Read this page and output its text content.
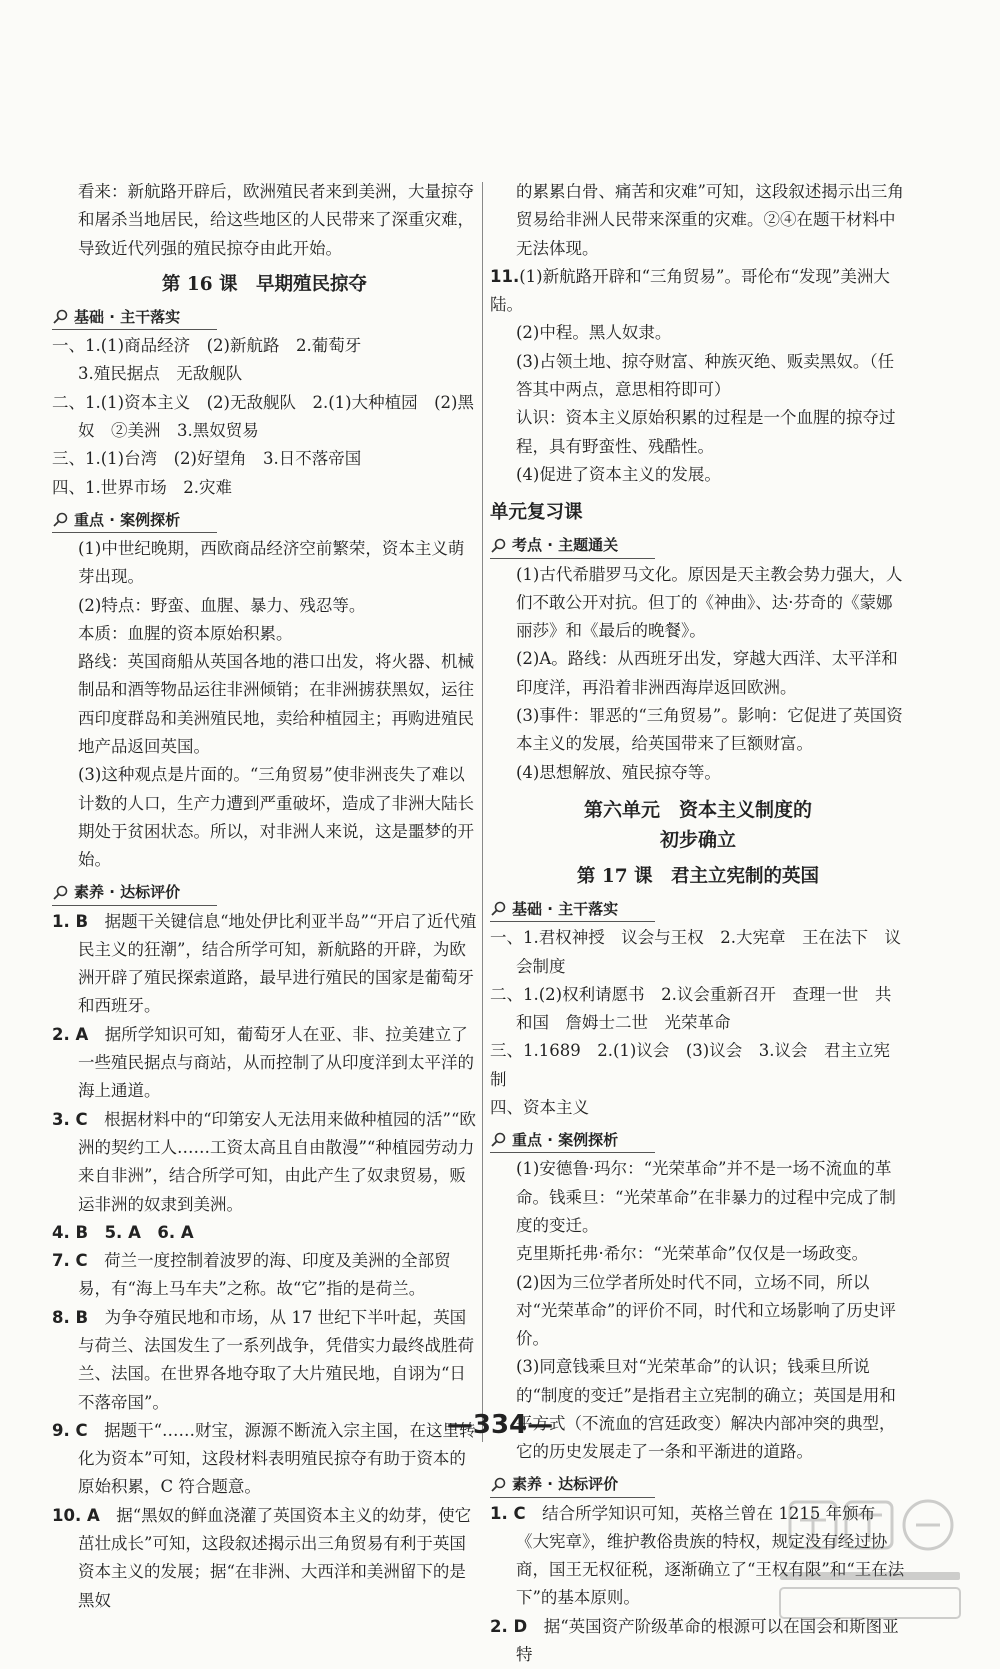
看来：新航路开辟后，欧洲殖民者来到美洲，大量掠夺和屠杀当地居民，给这些地区的人民带来了深重灾难，导致近代列强的殖民掠夺由此开始。

第 16 课　早期殖民掠夺
基础 · 主干落实

一、1.(1)商品经济　(2)新航路　2.葡萄牙

3.殖民据点　无敌舰队

二、1.(1)资本主义　(2)无敌舰队　2.(1)大种植园　(2)黑奴　②美洲　3.黑奴贸易

三、1.(1)台湾　(2)好望角　3.日不落帝国

四、1.世界市场　2.灾难

重点 · 案例探析

(1)中世纪晚期，西欧商品经济空前繁荣，资本主义萌芽出现。

(2)特点：野蛮、血腥、暴力、残忍等。

本质：血腥的资本原始积累。

路线：英国商船从英国各地的港口出发，将火器、机械制品和酒等物品运往非洲倾销；在非洲掳获黑奴，运往西印度群岛和美洲殖民地，卖给种植园主；再购进殖民地产品返回英国。

(3)这种观点是片面的。“三角贸易”使非洲丧失了难以计数的人口，生产力遭到严重破坏，造成了非洲大陆长期处于贫困状态。所以，对非洲人来说，这是噩梦的开始。

素养 · 达标评价

1. B　 据题干关键信息“地处伊比利亚半岛”“开启了近代殖民主义的狂潮”，结合所学可知，新航路的开辟，为欧洲开辟了殖民探索道路，最早进行殖民的国家是葡萄牙和西班牙。

2. A　 据所学知识可知，葡萄牙人在亚、非、拉美建立了一些殖民据点与商站，从而控制了从印度洋到太平洋的海上通道。

3. C　 根据材料中的“印第安人无法用来做种植园的活”“欧洲的契约工人……工资太高且自由散漫”“种植园劳动力来自非洲”，结合所学可知，由此产生了奴隶贸易，贩运非洲的奴隶到美洲。

4. B　5. A　6. A

7. C　 荷兰一度控制着波罗的海、印度及美洲的全部贸易，有“海上马车夫”之称。故“它”指的是荷兰。

8. B　 为争夺殖民地和市场，从 17 世纪下半叶起，英国与荷兰、法国发生了一系列战争，凭借实力最终战胜荷兰、法国。在世界各地夺取了大片殖民地，自诩为“日不落帝国”。

9. C　 据题干“……财宝，源源不断流入宗主国，在这里转化为资本”可知，这段材料表明殖民掠夺有助于资本的原始积累，C 符合题意。

10. A　 据“黑奴的鲜血浇灌了英国资本主义的幼芽，使它茁壮成长”可知，这段叙述揭示出三角贸易有利于英国资本主义的发展；据“在非洲、大西洋和美洲留下的是黑奴

的累累白骨、痛苦和灾难”可知，这段叙述揭示出三角贸易给非洲人民带来深重的灾难。②④在题干材料中无法体现。

11.(1)新航路开辟和“三角贸易”。哥伦布“发现”美洲大陆。

(2)中程。黑人奴隶。

(3)占领土地、掠夺财富、种族灭绝、贩卖黑奴。（任答其中两点，意思相符即可）

认识：资本主义原始积累的过程是一个血腥的掠夺过程，具有野蛮性、残酷性。

(4)促进了资本主义的发展。

单元复习课
考点 · 主题通关

(1)古代希腊罗马文化。原因是天主教会势力强大，人们不敢公开对抗。但丁的《神曲》、达·芬奇的《蒙娜丽莎》和《最后的晚餐》。

(2)A。路线：从西班牙出发，穿越大西洋、太平洋和印度洋，再沿着非洲西海岸返回欧洲。

(3)事件：罪恶的“三角贸易”。影响：它促进了英国资本主义的发展，给英国带来了巨额财富。

(4)思想解放、殖民掠夺等。

第六单元　资本主义制度的
初步确立
第 17 课　君主立宪制的英国
基础 · 主干落实

一、1.君权神授　议会与王权　2.大宪章　王在法下　议会制度

二、1.(2)权利请愿书　2.议会重新召开　查理一世　共和国　詹姆士二世　光荣革命

三、1.1689　2.(1)议会　(3)议会　3.议会　君主立宪制

四、资本主义

重点 · 案例探析

(1)安德鲁·玛尔：“光荣革命”并不是一场不流血的革命。钱乘旦：“光荣革命”在非暴力的过程中完成了制度的变迁。

克里斯托弗·希尔：“光荣革命”仅仅是一场政变。

(2)因为三位学者所处时代不同，立场不同，所以对“光荣革命”的评价不同，时代和立场影响了历史评价。

(3)同意钱乘旦对“光荣革命”的认识；钱乘旦所说的“制度的变迁”是指君主立宪制的确立；英国是用和平方式（不流血的宫廷政变）解决内部冲突的典型，它的历史发展走了一条和平渐进的道路。

素养 · 达标评价

1. C　 结合所学知识可知，英格兰曾在 1215 年颁布《大宪章》，维护教俗贵族的特权，规定没有经过协商，国王无权征税，逐渐确立了“王权有限”和“王在法下”的基本原则。

2. D　 据“英国资产阶级革命的根源可以在国会和斯图亚特

—334—
